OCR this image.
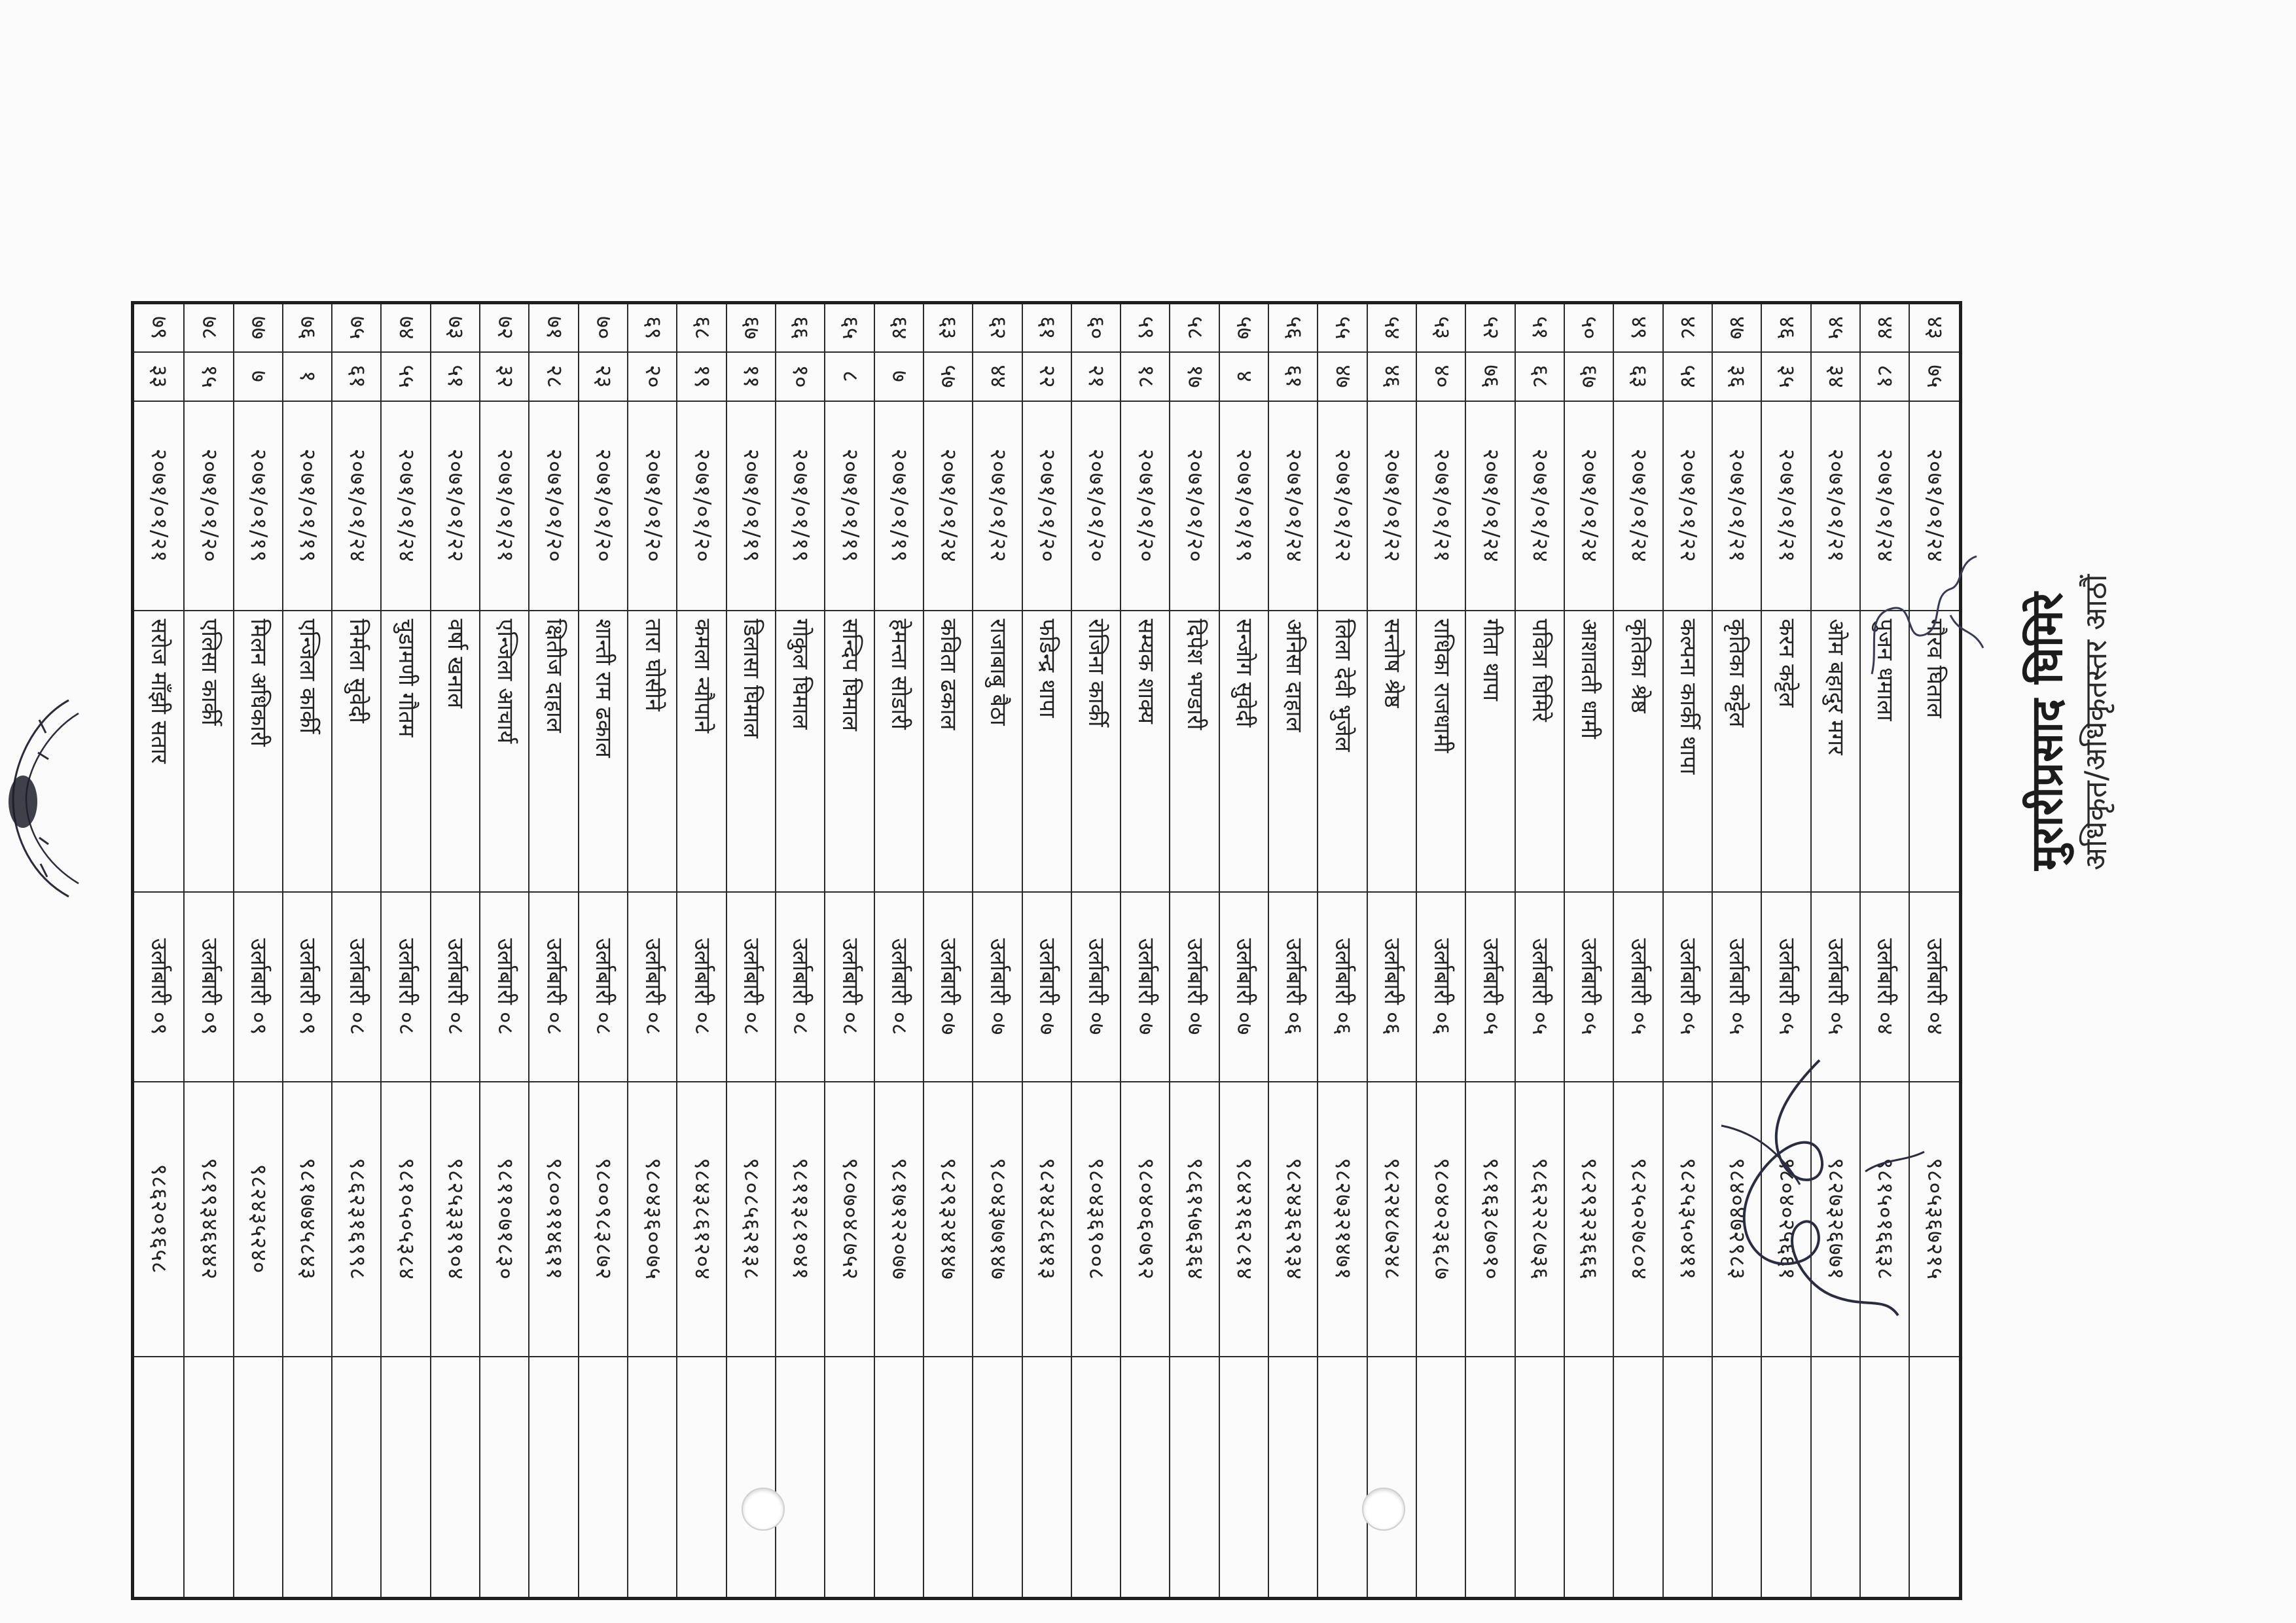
४३	७५	२०७१/०१/२४	गौरव घिताल	उर्लाबारी ०४	९८०५३६७२१५	
४४	८१	२०७१/०१/२४	पुजन धमाला	उर्लाबारी ०४	९८१५०१६६३८	
४५	३४	२०७१/०१/२१	ओम बहादुर मगर	उर्लाबारी ०५	९८२७३२६७७१	
४६	३५	२०७१/०१/२१	करन कट्टेल	उर्लाबारी ०५	९८०४०२५६६१	
४७	३६	२०७१/०१/२१	कृतिका कट्टेल	उर्लाबारी ०५	९८४०४७२९८३	
४८	५४	२०७१/०१/२२	कल्पना कार्की थापा	उर्लाबारी ०५	९८२५३५०४११	
४९	६३	२०७१/०१/२४	कृतिका श्रेष्ठ	उर्लाबारी ०५	९८२५०२७८०४	
५०	६७	२०७१/०१/२४	आशावती धामी	उर्लाबारी ०५	९८२९३२३६६६	
५१	६८	२०७१/०१/२४	पवित्रा घिमिरे	उर्लाबारी ०५	९८६२२२८७३६	
५२	७६	२०७१/०१/२४	गीता थापा	उर्लाबारी ०५	९८१६३८७०१०	
५३	४०	२०७१/०१/२१	राधिका राजधामी	उर्लाबारी ०६	९८०४०२३६८७	
५४	४६	२०७१/०१/२२	सन्तोष श्रेष्ठ	उर्लाबारी ०६	९८२२४८७२४८	
५५	४७	२०७१/०१/२२	लिला देवी भुजेल	उर्लाबारी ०६	९८२७३२१४७१	
५६	६१	२०७१/०१/२४	अनिसा दाहाल	उर्लाबारी ०६	९८२४३६२९३४	
५७	४	२०७१/०१/१९	सन्जोग सुवेदी	उर्लाबारी ०७	९८४२१६२८१४	
५८	१७	२०७१/०१/२०	दिपेश भण्डारी	उर्लाबारी ०७	९८६१५७६३६४	
५९	१८	२०७१/०१/२०	सम्यक शाक्य	उर्लाबारी ०७	९८०४०६०७९२	
६०	२१	२०७१/०१/२०	रोजिना कार्की	उर्लाबारी ०७	९८०४३६९००८	
६१	२२	२०७१/०१/२०	फडिन्द्र थापा	उर्लाबारी ०७	९८२४३८६४१३	
६२	४४	२०७१/०१/२२	राजाबाबु बैठा	उर्लाबारी ०७	९८०४३७७१४७	
६३	५७	२०७१/०१/२४	कविता ढकाल	उर्लाबारी ०७	९८२९३२४१४७	
६४	७	२०७१/०१/१९	हेमन्ता सोडारी	उर्लाबारी ०८	९८१७१२२०७७	
६५	८	२०७१/०१/१९	सन्दिप घिमाल	उर्लाबारी ०८	९८०७०४८७५२	
६६	१०	२०७१/०१/१९	गोकुल घिमाल	उर्लाबारी ०८	९८११३८१०४१	
६७	११	२०७१/०१/१९	डिलासा घिमाल	उर्लाबारी ०८	९८०८५६२१३८	
६८	१९	२०७१/०१/२०	कमला न्यौपाने	उर्लाबारी ०८	९८४३८६१२०४	
६९	२०	२०७१/०१/२०	तारा घोसीने	उर्लाबारी ०८	९८०४३६००७५	
७०	२३	२०७१/०१/२०	शान्ती राम ढकाल	उर्लाबारी ०८	९८००९८३८७२	
७१	२८	२०७१/०१/२०	क्षितीज दाहाल	उर्लाबारी ०८	९८००११४६११	
७२	३२	२०७१/०१/२१	एन्जिला आचार्य	उर्लाबारी ०८	९८११०७१८३०	
७३	५१	२०७१/०१/२२	वर्षा खनाल	उर्लाबारी ०८	९८२५३३१९०४	
७४	५५	२०७१/०१/२४	चुडामणी गौतम	उर्लाबारी ०८	९८१०५०५३८४	
७५	६१	२०७१/०१/२४	निर्मला सुवेदी	उर्लाबारी ०८	९८६२३१६९९८	
७६	१	२०७१/०१/१९	एन्जिला कार्की	उर्लाबारी ०९	९८१७७४५८४३	
७७	७	२०७१/०१/१९	मिलन अधिकारी	उर्लाबारी ०९	९८२४३५२४०	
७८	१५	२०७१/०१/२०	एलिसा कार्की	उर्लाबारी ०९	९८१९३४६४४२	
७९	३३	२०७१/०१/२१	सरोज माँझी सतार	उर्लाबारी ०९	९८६२०१६५८	
मुरारीप्रसाद घिमिरे अधिकृत/अधिकृतस्तर आठौं
